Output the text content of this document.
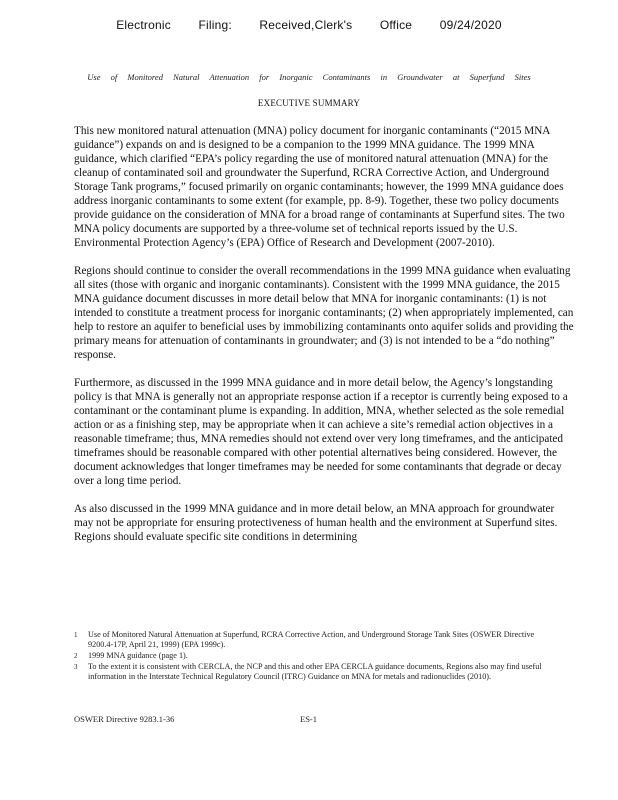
Electronic Filing: Received,Clerk's Office 09/24/2020
Use of Monitored Natural Attenuation for Inorganic Contaminants in Groundwater at Superfund Sites
EXECUTIVE SUMMARY

This new monitored natural attenuation (MNA) policy document for inorganic contaminants (“2015 MNA guidance”) expands on and is designed to be a companion to the 1999 MNA guidance. The 1999 MNA guidance, which clarified “EPA’s policy regarding the use of monitored natural attenuation (MNA) for the cleanup of contaminated soil and groundwater the Superfund, RCRA Corrective Action, and Underground Storage Tank programs,” focused primarily on organic contaminants; however, the 1999 MNA guidance does address inorganic contaminants to some extent (for example, pp. 8-9). Together, these two policy documents provide guidance on the consideration of MNA for a broad range of contaminants at Superfund sites. The two MNA policy documents are supported by a three-volume set of technical reports issued by the U.S. Environmental Protection Agency’s (EPA) Office of Research and Development (2007-2010).

Regions should continue to consider the overall recommendations in the 1999 MNA guidance when evaluating all sites (those with organic and inorganic contaminants). Consistent with the 1999 MNA guidance, the 2015 MNA guidance document discusses in more detail below that MNA for inorganic contaminants: (1) is not intended to constitute a treatment process for inorganic contaminants; (2) when appropriately implemented, can help to restore an aquifer to beneficial uses by immobilizing contaminants onto aquifer solids and providing the primary means for attenuation of contaminants in groundwater; and (3) is not intended to be a “do nothing” response.

Furthermore, as discussed in the 1999 MNA guidance and in more detail below, the Agency’s longstanding policy is that MNA is generally not an appropriate response action if a receptor is currently being exposed to a contaminant or the contaminant plume is expanding. In addition, MNA, whether selected as the sole remedial action or as a finishing step, may be appropriate when it can achieve a site’s remedial action objectives in a reasonable timeframe; thus, MNA remedies should not extend over very long timeframes, and the anticipated timeframes should be reasonable compared with other potential alternatives being considered. However, the document acknowledges that longer timeframes may be needed for some contaminants that degrade or decay over a long time period.

As also discussed in the 1999 MNA guidance and in more detail below, an MNA approach for groundwater may not be appropriate for ensuring protectiveness of human health and the environment at Superfund sites. Regions should evaluate specific site conditions in determining

1 Use of Monitored Natural Attenuation at Superfund, RCRA Corrective Action, and Underground Storage Tank Sites (OSWER Directive 9200.4-17P, April 21, 1999) (EPA 1999c).
2 1999 MNA guidance (page 1).
3 To the extent it is consistent with CERCLA, the NCP and this and other EPA CERCLA guidance documents, Regions also may find useful information in the Interstate Technical Regulatory Council (ITRC) Guidance on MNA for metals and radionuclides (2010).
OSWER Directive 9283.1-36	ES-1
